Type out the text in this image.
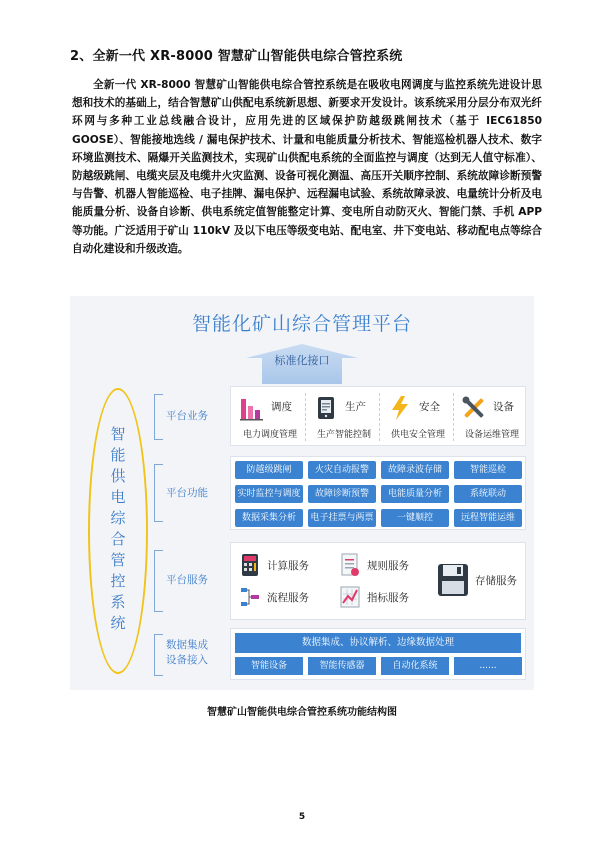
2、全新一代 XR-8000 智慧矿山智能供电综合管控系统

全新一代 XR-8000 智慧矿山智能供电综合管控系统是在吸收电网调度与监控系统先进设计思想和技术的基础上，结合智慧矿山供配电系统新思想、新要求开发设计。该系统采用分层分布双光纤环网与多种工业总线融合设计，应用先进的区域保护防越级跳闸技术（基于 IEC61850 GOOSE）、智能接地选线 / 漏电保护技术、计量和电能质量分析技术、智能巡检机器人技术、数字环境监测技术、隔爆开关监测技术，实现矿山供配电系统的全面监控与调度（达到无人值守标准）、防越级跳闸、电缆夹层及电缆井火灾监测、设备可视化测温、高压开关顺序控制、系统故障诊断预警与告警、机器人智能巡检、电子挂牌、漏电保护、远程漏电试验、系统故障录波、电量统计分析及电能质量分析、设备自诊断、供电系统定值智能整定计算、变电所自动防灭火、智能门禁、手机 APP 等功能。广泛适用于矿山 110kV 及以下电压等级变电站、配电室、井下变电站、移动配电点等综合自动化建设和升级改造。

智能化矿山综合管理平台
标准化接口
智
能
供
电
综
合
管
控
系
统
平台业务
平台功能
平台服务
数据集成
设备接入
调度
电力调度管理
生产
生产智能控制
安全
供电安全管理
设备
设备运维管理
防越级跳闸	火灾自动报警	故障录波存储	智能巡检
实时监控与调度	故障诊断预警	电能质量分析	系统联动
数据采集分析	电子挂票与两票	一键顺控	远程智能运维
计算服务	规则服务
流程服务	指标服务
存储服务
数据集成、协议解析、边缘数据处理
智能设备	智能传感器	自动化系统	......
智慧矿山智能供电综合管控系统功能结构图
5
